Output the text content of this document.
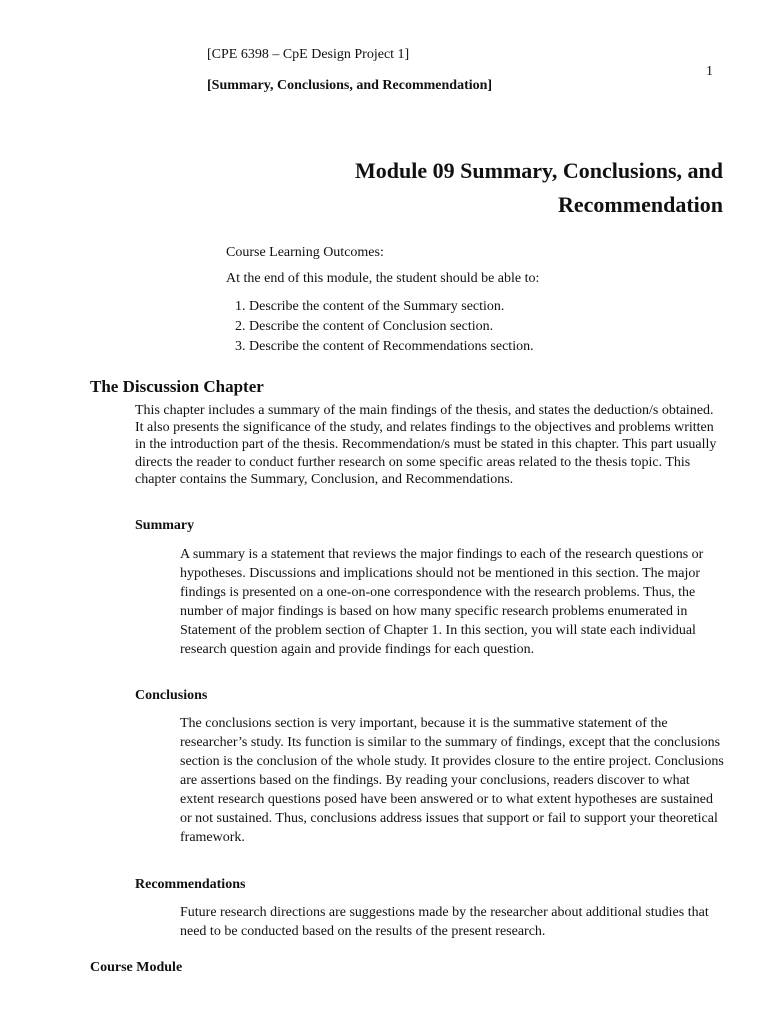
[CPE 6398 – CpE Design Project 1]
[Summary, Conclusions, and Recommendation]
1
Module 09 Summary, Conclusions, and
Recommendation

Course Learning Outcomes:

At the end of this module, the student should be able to:

1. Describe the content of the Summary section.
2. Describe the content of Conclusion section.
3. Describe the content of Recommendations section.
The Discussion Chapter
This chapter includes a summary of the main findings of the thesis, and states the deduction/s obtained. It also presents the significance of the study, and relates findings to the objectives and problems written in the introduction part of the thesis. Recommendation/s must be stated in this chapter. This part usually directs the reader to conduct further research on some specific areas related to the thesis topic. This chapter contains the Summary, Conclusion, and Recommendations.
Summary
A summary is a statement that reviews the major findings to each of the research questions or hypotheses. Discussions and implications should not be mentioned in this section. The major findings is presented on a one-on-one correspondence with the research problems. Thus, the number of major findings is based on how many specific research problems enumerated in Statement of the problem section of Chapter 1. In this section, you will state each individual research question again and provide findings for each question.
Conclusions
The conclusions section is very important, because it is the summative statement of the researcher’s study. Its function is similar to the summary of findings, except that the conclusions section is the conclusion of the whole study. It provides closure to the entire project. Conclusions are assertions based on the findings. By reading your conclusions, readers discover to what extent research questions posed have been answered or to what extent hypotheses are sustained or not sustained. Thus, conclusions address issues that support or fail to support your theoretical framework.
Recommendations
Future research directions are suggestions made by the researcher about additional studies that need to be conducted based on the results of the present research.
Course Module
